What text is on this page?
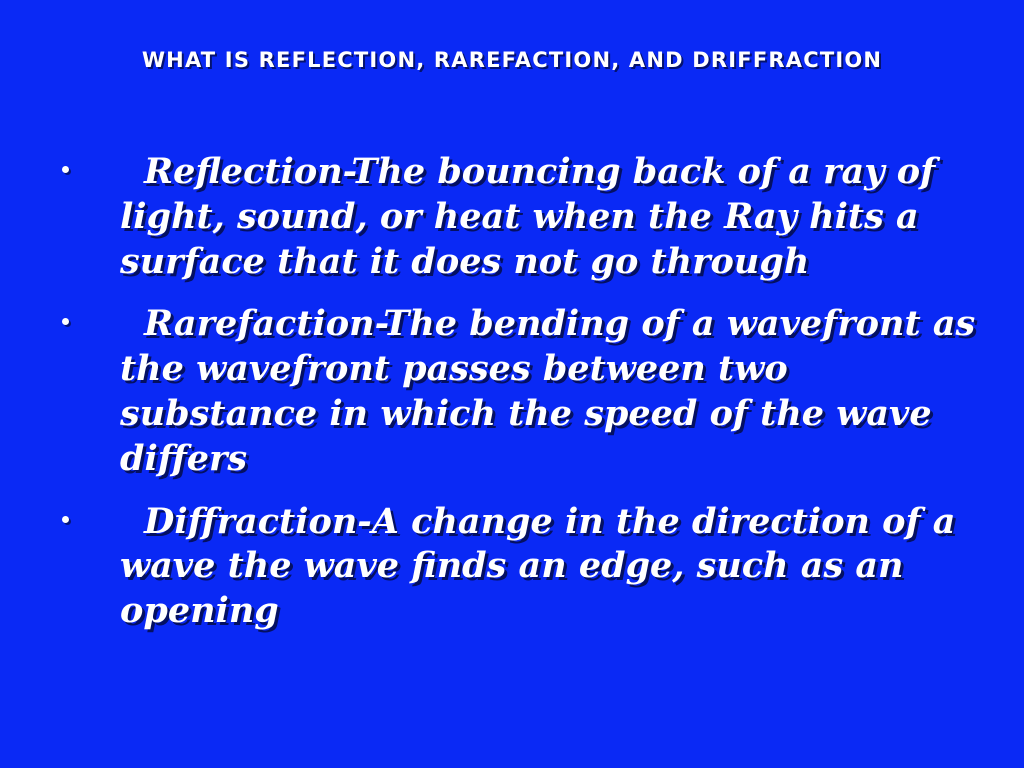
WHAT IS REFLECTION, RAREFACTION, AND DRIFFRACTION
Reflection-The bouncing back of a ray of light, sound, or heat when the Ray hits a surface that it does not go through
Rarefaction-The bending of a wavefront as the wavefront passes between two substance in which the speed of the wave differs
Diffraction-A change in the direction of a wave the wave finds an edge, such as an opening
